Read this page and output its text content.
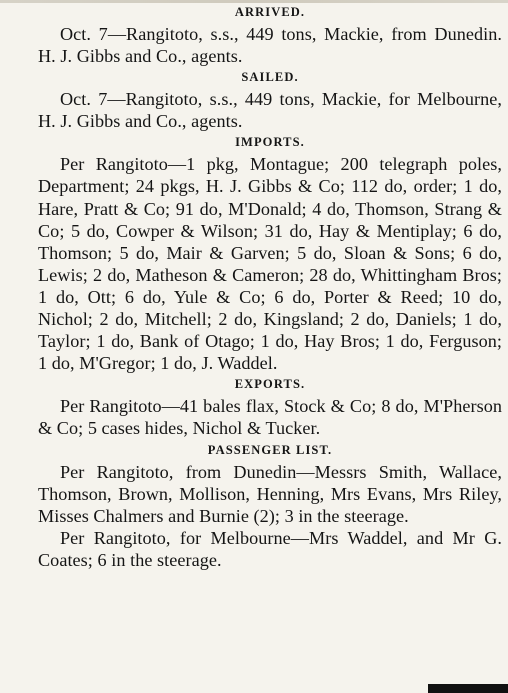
ARRIVED.

Oct. 7—Rangitoto, s.s., 449 tons, Mackie, from Dunedin. H. J. Gibbs and Co., agents.

SAILED.

Oct. 7—Rangitoto, s.s., 449 tons, Mackie, for Melbourne, H. J. Gibbs and Co., agents.

IMPORTS.

Per Rangitoto—1 pkg, Montague; 200 telegraph poles, Department; 24 pkgs, H. J. Gibbs & Co; 112 do, order; 1 do, Hare, Pratt & Co; 91 do, M'Donald; 4 do, Thomson, Strang & Co; 5 do, Cowper & Wilson; 31 do, Hay & Mentiplay; 6 do, Thomson; 5 do, Mair & Garven; 5 do, Sloan & Sons; 6 do, Lewis; 2 do, Matheson & Cameron; 28 do, Whittingham Bros; 1 do, Ott; 6 do, Yule & Co; 6 do, Porter & Reed; 10 do, Nichol; 2 do, Mitchell; 2 do, Kingsland; 2 do, Daniels; 1 do, Taylor; 1 do, Bank of Otago; 1 do, Hay Bros; 1 do, Ferguson; 1 do, M'Gregor; 1 do, J. Waddel.

EXPORTS.

Per Rangitoto—41 bales flax, Stock & Co; 8 do, M'Pherson & Co; 5 cases hides, Nichol & Tucker.

PASSENGER LIST.

Per Rangitoto, from Dunedin—Messrs Smith, Wallace, Thomson, Brown, Mollison, Henning, Mrs Evans, Mrs Riley, Misses Chalmers and Burnie (2); 3 in the steerage.

Per Rangitoto, for Melbourne—Mrs Waddel, and Mr G. Coates; 6 in the steerage.
